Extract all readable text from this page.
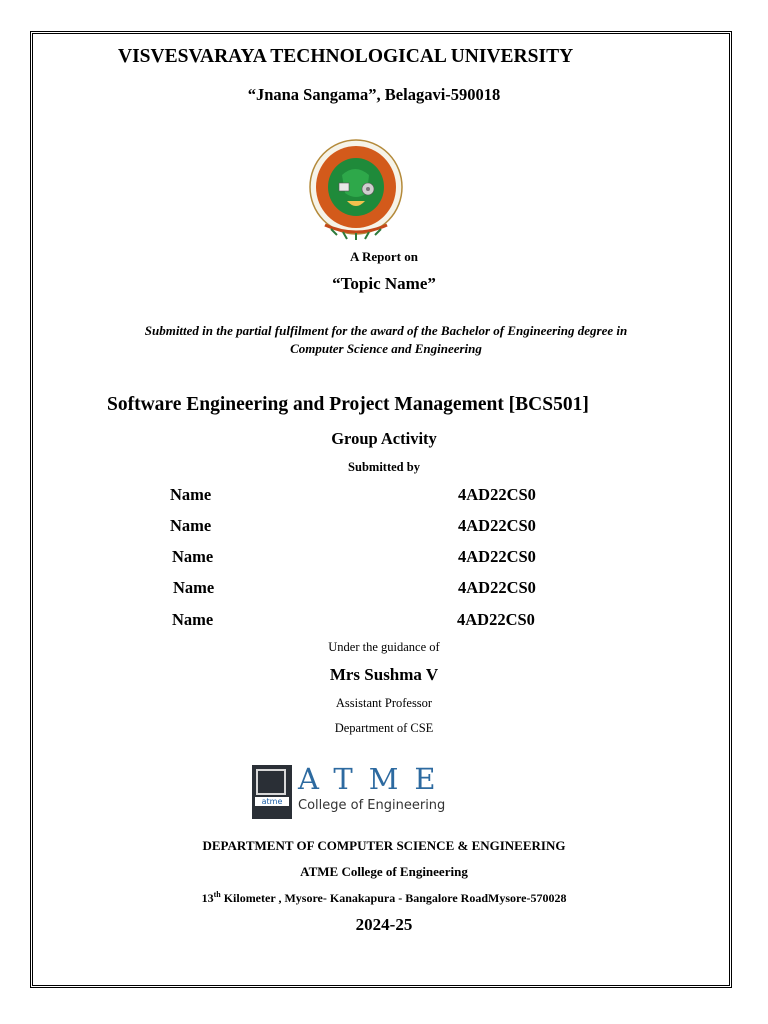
VISVESVARAYA TECHNOLOGICAL UNIVERSITY
“Jnana Sangama”, Belagavi-590018
A Report on
“Topic Name”
Submitted in the partial fulfilment for the award of the Bachelor of Engineering degree in
Computer Science and Engineering
Software Engineering and Project Management [BCS501]
Group Activity
Submitted by
Name	4AD22CS0
Name	4AD22CS0
Name	4AD22CS0
Name	4AD22CS0
Name	4AD22CS0
Under the guidance of
Mrs Sushma V
Assistant Professor
Department of CSE
atme
ATME
College of Engineering
DEPARTMENT OF COMPUTER SCIENCE & ENGINEERING
ATME College of Engineering
13th Kilometer , Mysore- Kanakapura - Bangalore RoadMysore-570028
2024-25
